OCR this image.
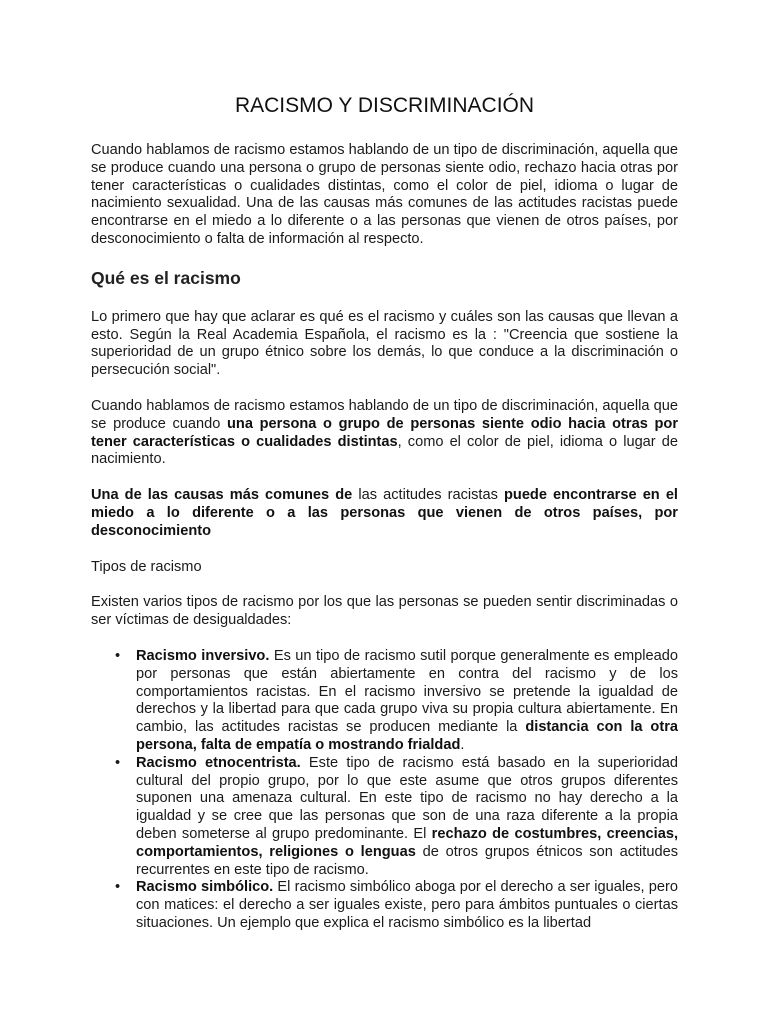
RACISMO Y DISCRIMINACIÓN

Cuando hablamos de racismo estamos hablando de un tipo de discriminación, aquella que se produce cuando una persona o grupo de personas siente odio, rechazo hacia otras por tener características o cualidades distintas, como el color de piel, idioma o lugar de nacimiento sexualidad. Una de las causas más comunes de las actitudes racistas puede encontrarse en el miedo a lo diferente o a las personas que vienen de otros países, por desconocimiento o falta de información al respecto.

Qué es el racismo

Lo primero que hay que aclarar es qué es el racismo y cuáles son las causas que llevan a esto. Según la Real Academia Española, el racismo es la : "Creencia que sostiene la superioridad de un grupo étnico sobre los demás, lo que conduce a la discriminación o persecución social".

Cuando hablamos de racismo estamos hablando de un tipo de discriminación, aquella que se produce cuando una persona o grupo de personas siente odio hacia otras por tener características o cualidades distintas, como el color de piel, idioma o lugar de nacimiento.

Una de las causas más comunes de las actitudes racistas puede encontrarse en el miedo a lo diferente o a las personas que vienen de otros países, por desconocimiento

Tipos de racismo

Existen varios tipos de racismo por los que las personas se pueden sentir discriminadas o ser víctimas de desigualdades:

• Racismo inversivo. Es un tipo de racismo sutil porque generalmente es empleado por personas que están abiertamente en contra del racismo y de los comportamientos racistas. En el racismo inversivo se pretende la igualdad de derechos y la libertad para que cada grupo viva su propia cultura abiertamente. En cambio, las actitudes racistas se producen mediante la distancia con la otra persona, falta de empatía o mostrando frialdad.
• Racismo etnocentrista. Este tipo de racismo está basado en la superioridad cultural del propio grupo, por lo que este asume que otros grupos diferentes suponen una amenaza cultural. En este tipo de racismo no hay derecho a la igualdad y se cree que las personas que son de una raza diferente a la propia deben someterse al grupo predominante. El rechazo de costumbres, creencias, comportamientos, religiones o lenguas de otros grupos étnicos son actitudes recurrentes en este tipo de racismo.
• Racismo simbólico. El racismo simbólico aboga por el derecho a ser iguales, pero con matices: el derecho a ser iguales existe, pero para ámbitos puntuales o ciertas situaciones. Un ejemplo que explica el racismo simbólico es la libertad
